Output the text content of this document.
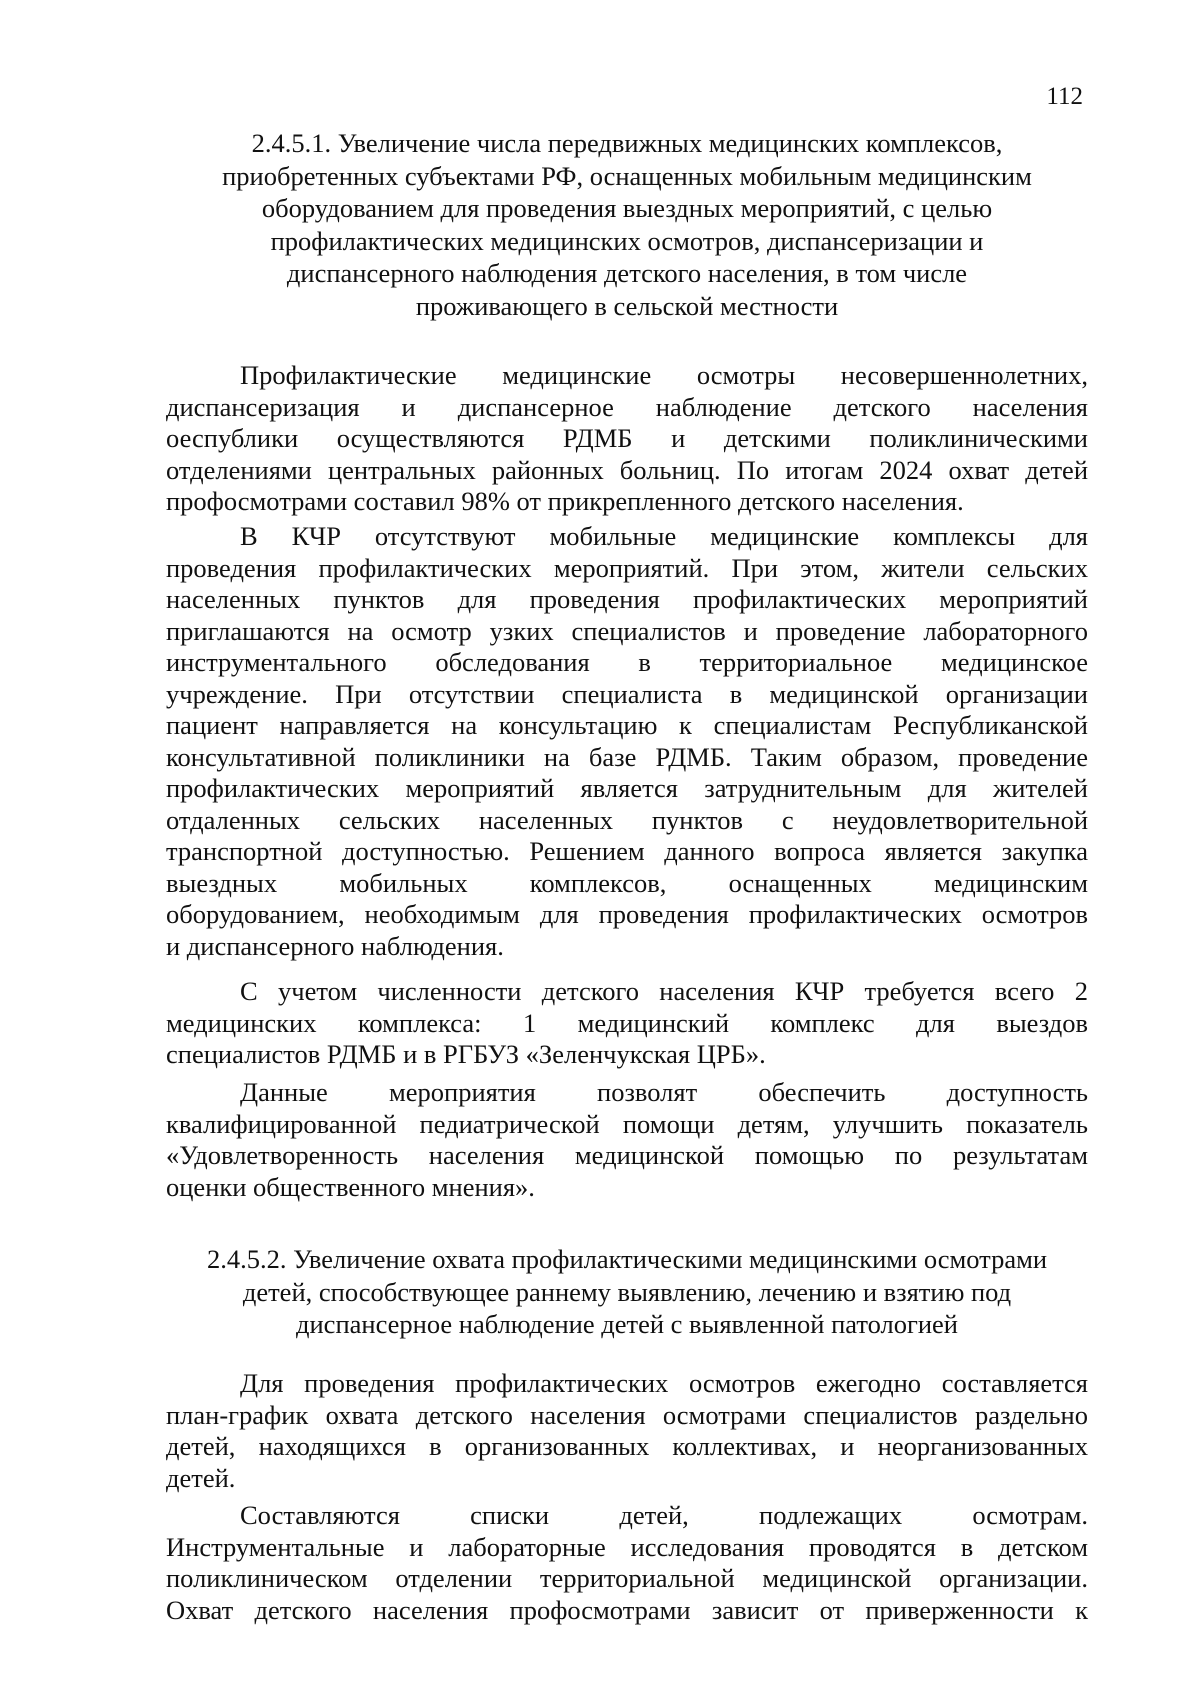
112
2.4.5.1. Увеличение числа передвижных медицинских комплексов,
приобретенных субъектами РФ, оснащенных мобильным медицинским
оборудованием для проведения выездных мероприятий, с целью
профилактических медицинских осмотров, диспансеризации и
диспансерного наблюдения детского населения, в том числе
проживающего в сельской местности
Профилактические медицинские осмотры несовершеннолетних,
диспансеризация и диспансерное наблюдение детского населения
оеспублики осуществляются РДМБ и детскими поликлиническими
отделениями центральных районных больниц. По итогам 2024 охват детей
профосмотрами составил 98% от прикрепленного детского населения.
В КЧР отсутствуют мобильные медицинские комплексы для
проведения профилактических мероприятий. При этом, жители сельских
населенных пунктов для проведения профилактических мероприятий
приглашаются на осмотр узких специалистов и проведение лабораторного
инструментального обследования в территориальное медицинское
учреждение. При отсутствии специалиста в медицинской организации
пациент направляется на консультацию к специалистам Республиканской
консультативной поликлиники на базе РДМБ. Таким образом, проведение
профилактических мероприятий является затруднительным для жителей
отдаленных сельских населенных пунктов с неудовлетворительной
транспортной доступностью. Решением данного вопроса является закупка
выездных мобильных комплексов, оснащенных медицинским
оборудованием, необходимым для проведения профилактических осмотров
и диспансерного наблюдения.
С учетом численности детского населения КЧР требуется всего 2
медицинских комплекса: 1 медицинский комплекс для выездов
специалистов РДМБ и в РГБУЗ «Зеленчукская ЦРБ».
Данные мероприятия позволят обеспечить доступность
квалифицированной педиатрической помощи детям, улучшить показатель
«Удовлетворенность населения медицинской помощью по результатам
оценки общественного мнения».
2.4.5.2. Увеличение охвата профилактическими медицинскими осмотрами
детей, способствующее раннему выявлению, лечению и взятию под
диспансерное наблюдение детей с выявленной патологией
Для проведения профилактических осмотров ежегодно составляется
план-график охвата детского населения осмотрами специалистов раздельно
детей, находящихся в организованных коллективах, и неорганизованных
детей.
Составляются списки детей, подлежащих осмотрам.
Инструментальные и лабораторные исследования проводятся в детском
поликлиническом отделении территориальной медицинской организации.
Охват детского населения профосмотрами зависит от приверженности к
